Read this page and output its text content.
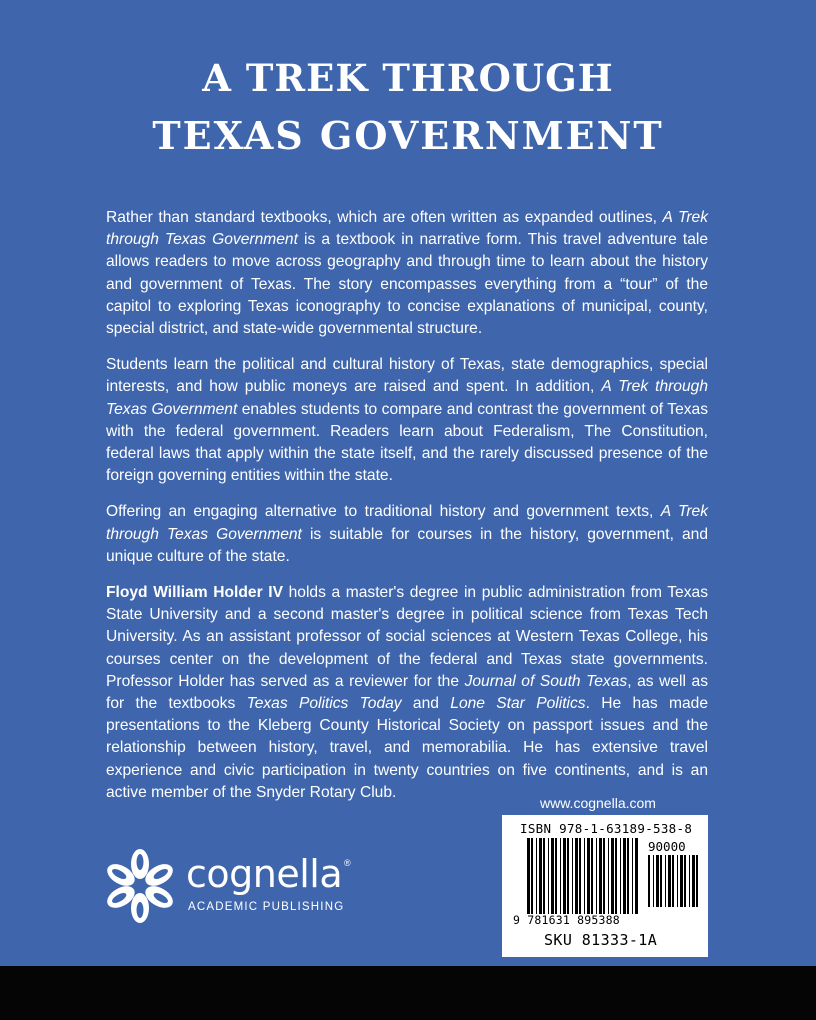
A TREK THROUGH
TEXAS GOVERNMENT

Rather than standard textbooks, which are often written as expanded outlines, A Trek through Texas Government is a textbook in narrative form. This travel adventure tale allows readers to move across geography and through time to learn about the history and government of Texas. The story encompasses everything from a “tour” of the capitol to exploring Texas iconography to concise explanations of municipal, county, special district, and state-wide governmental structure.

Students learn the political and cultural history of Texas, state demographics, special interests, and how public moneys are raised and spent. In addition, A Trek through Texas Government enables students to compare and contrast the government of Texas with the federal government. Readers learn about Federalism, The Constitution, federal laws that apply within the state itself, and the rarely discussed presence of the foreign governing entities within the state.

Offering an engaging alternative to traditional history and government texts, A Trek through Texas Government is suitable for courses in the history, government, and unique culture of the state.

Floyd William Holder IV holds a master's degree in public administration from Texas State University and a second master's degree in political science from Texas Tech University. As an assistant professor of social sciences at Western Texas College, his courses center on the development of the federal and Texas state governments. Professor Holder has served as a reviewer for the Journal of South Texas, as well as for the textbooks Texas Politics Today and Lone Star Politics. He has made presentations to the Kleberg County Historical Society on passport issues and the relationship between history, travel, and memorabilia. He has extensive travel experience and civic participation in twenty countries on five continents, and is an active member of the Snyder Rotary Club.

www.cognella.com
ISBN 978-1-63189-538-8
90000
9 781631 895388
SKU 81333-1A
cognella ®
ACADEMIC PUBLISHING
